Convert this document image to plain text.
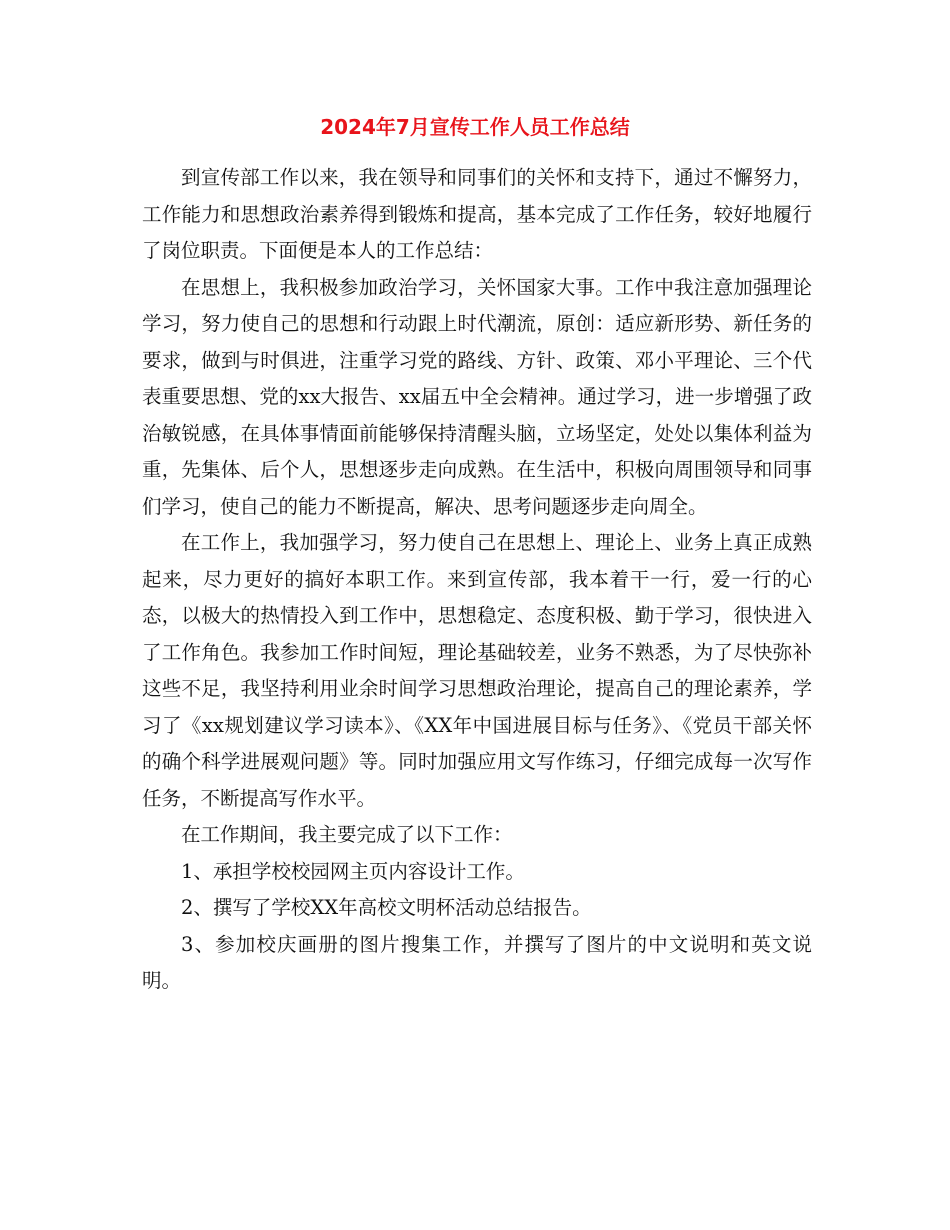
2024年7月宣传工作人员工作总结

到宣传部工作以来，我在领导和同事们的关怀和支持下，通过不懈努力，工作能力和思想政治素养得到锻炼和提高，基本完成了工作任务，较好地履行了岗位职责。下面便是本人的工作总结：

在思想上，我积极参加政治学习，关怀国家大事。工作中我注意加强理论学习，努力使自己的思想和行动跟上时代潮流，原创：适应新形势、新任务的要求，做到与时俱进，注重学习党的路线、方针、政策、邓小平理论、三个代表重要思想、党的xx大报告、xx届五中全会精神。通过学习，进一步增强了政治敏锐感，在具体事情面前能够保持清醒头脑，立场坚定，处处以集体利益为重，先集体、后个人，思想逐步走向成熟。在生活中，积极向周围领导和同事们学习，使自己的能力不断提高，解决、思考问题逐步走向周全。

在工作上，我加强学习，努力使自己在思想上、理论上、业务上真正成熟起来，尽力更好的搞好本职工作。来到宣传部，我本着干一行，爱一行的心态，以极大的热情投入到工作中，思想稳定、态度积极、勤于学习，很快进入了工作角色。我参加工作时间短，理论基础较差，业务不熟悉，为了尽快弥补这些不足，我坚持利用业余时间学习思想政治理论，提高自己的理论素养，学习了《xx规划建议学习读本》、《XX年中国进展目标与任务》、《党员干部关怀的确个科学进展观问题》等。同时加强应用文写作练习，仔细完成每一次写作任务，不断提高写作水平。

在工作期间，我主要完成了以下工作：

1、承担学校校园网主页内容设计工作。

2、撰写了学校XX年高校文明杯活动总结报告。

3、参加校庆画册的图片搜集工作，并撰写了图片的中文说明和英文说明。
